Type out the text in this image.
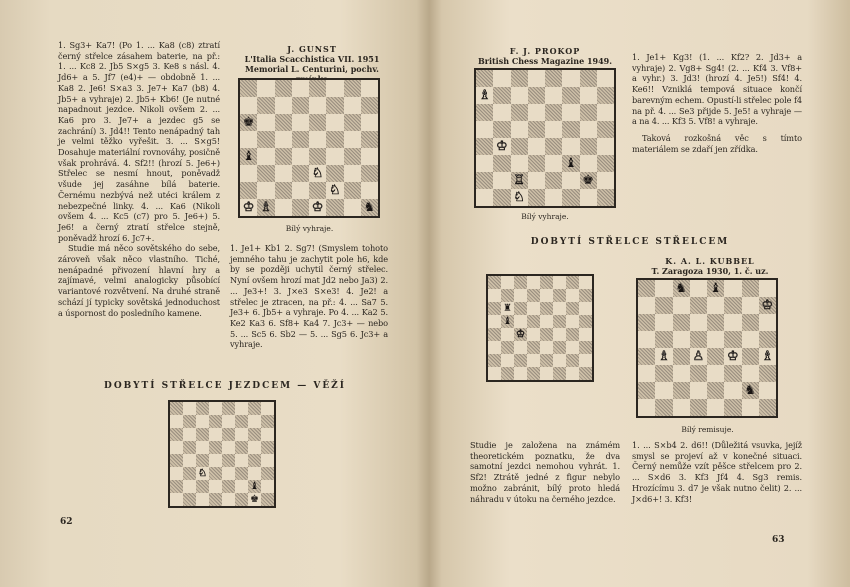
1. Sg3+ Ka7! (Po 1. ... Ka8 (c8) ztratí černý střelce zásahem baterie, na př.: 1. ... Kc8 2. Jb5 S×g5 3. Ke8 s násl. 4. Jd6+ a 5. Jf7 (e4)+ — obdobně 1. ... Ka8 2. Je6! S×a3 3. Je7+ Ka7 (b8) 4. Jb5+ a vyhraje) 2. Jb5+ Kb6! (Je nutné napadnout jezdce. Nikoli ovšem 2. ... Ka6 pro 3. Je7+ a jezdec g5 se zachrání) 3. Jd4!! Tento nenápadný tah je velmi těžko vyřešit. 3. ... S×g5! Dosahuje materiální rovnováhy, posičně však prohrává. 4. Sf2!! (hrozí 5. Je6+) Střelec se nesmí hnout, poněvadž všude jej zasáhne bílá baterie. Černému nezbývá než utéci králem z nebezpečné linky. 4. ... Ka6 (Nikoli ovšem 4. ... Kc5 (c7) pro 5. Je6+) 5. Je6! a černý ztratí střelce stejně, poněvadž hrozí 6. Jc7+.

Studie má něco sovětského do sebe, zároveň však něco vlastního. Tiché, nenápadné přivození hlavní hry a zajímavé, velmi analogicky působící variantové rozvětvení. Na druhé straně schází jí typicky sovětská jednoduchost a úspornost do posledního kamene.

J. GUNST
L'Italia Scacchistica VII. 1951
Memorial L. Centurini, pochv.
♚
♝
♘
♘
♔ ♗	♔	♞
Bílý vyhraje.
1. Je1+ Kb1 2. Sg7! (Smyslem tohoto jemného tahu je zachytit pole h6, kde by se později uchytil černý střelec. Nyní ovšem hrozí mat Jd2 nebo Ja3) 2. ... Je3+! 3. J×e3 S×e3! 4. Je2! a střelec je ztracen, na př.: 4. ... Sa7 5. Je3+ 6. Jb5+ a vyhraje. Po 4. ... Ka2 5. Ke2 Ka3 6. Sf8+ Ka4 7. Jc3+ — nebo 5. ... Sc5 6. Sb2 — 5. ... Sg5 6. Jc3+ a vyhraje.
DOBYTÍ STŘELCE JEZDCEM — VĚŽÍ
♘
♝
♚
62
F. J. PROKOP
British Chess Magazine 1949.
♗
♔
♝
♖	♚
♘
Bílý vyhraje.

1. Je1+ Kg3! (1. ... Kf2? 2. Jd3+ a vyhraje) 2. Vg8+ Sg4! (2. ... Kf4 3. Vf8+ a vyhr.) 3. Jd3! (hrozí 4. Je5!) Sf4! 4. Ke6!! Vzniklá tempová situace končí barevným echem. Opustí-li střelec pole f4 na př. 4. ... Se3 přijde 5. Je5! a vyhraje — a na 4. ... Kf3 5. Vf8! a vyhraje.

Taková rozkošná věc s tímto materiálem se zdaří jen zřídka.

DOBYTÍ STŘELCE STŘELCEM
K. A. L. KUBBEL
T. Zaragoza 1930, 1. č. uz.
♜
♝
♔
♞ ♝
♔
♗ ♙ ♔ ♗
♞
Bílý remisuje.
Studie je založena na známém theoretickém poznatku, že dva samotní jezdci nemohou vyhrát. 1. Sf2! Ztrátě jedné z figur nebylo možno zabránit, bílý proto hledá náhradu v útoku na černého jezdce.
1. ... S×b4 2. d6!! (Důležitá vsuvka, jejíž smysl se projeví až v konečné situaci. Černý nemůže vzít pěšce střelcem pro 2. ... S×d6 3. Kf3 Jf4 4. Sg3 remis. Hrozícímu 3. d7 je však nutno čelit) 2. ... J×d6+! 3. Kf3!
63
